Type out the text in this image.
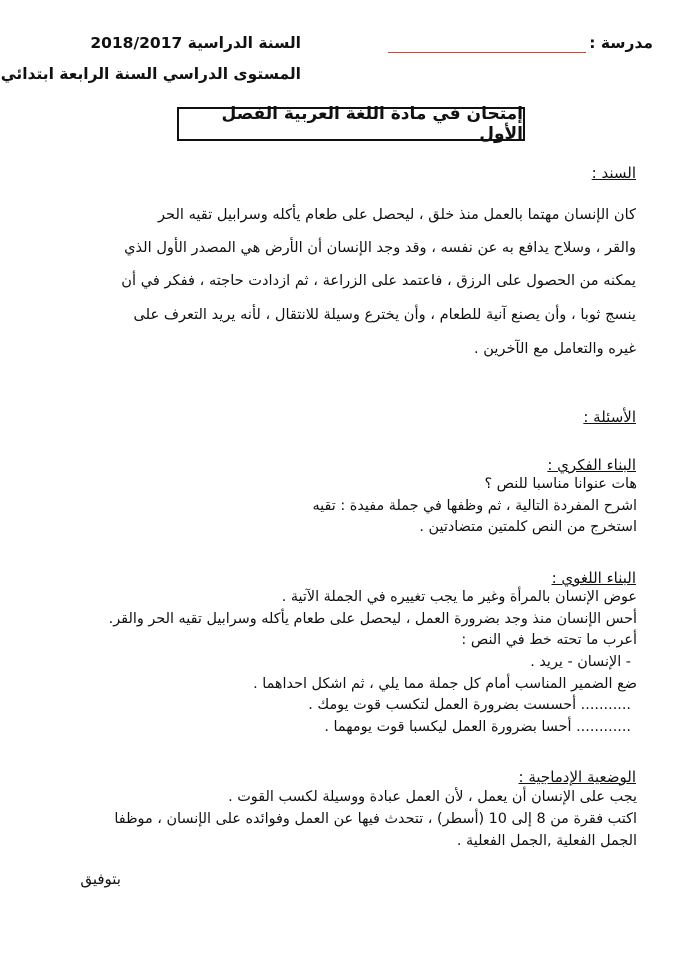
مدرسة :
السنة الدراسية 2018/2017
المستوى الدراسي السنة الرابعة ابتدائي
إمتحان في مادة اللغة العربية الفصل الأول
السند :
كان الإنسان مهتما بالعمل منذ خلق ، ليحصل على طعام يأكله وسرابيل تقيه الحر
والقر ، وسلاح يدافع به عن نفسه ، وقد وجد الإنسان أن الأرض هي المصدر الأول الذي
يمكنه من الحصول على الرزق ، فاعتمد على الزراعة ، ثم ازدادت حاجته ، ففكر في أن
ينسج ثوبا ، وأن يصنع آنية للطعام ، وأن يخترع وسيلة للانتقال ، لأنه يريد التعرف على
غيره والتعامل مع الآخرين .
الأسئلة :
البناء الفكري :
هات عنوانا مناسبا للنص ؟
اشرح المفردة التالية ، ثم وظفها في جملة مفيدة : تقيه
استخرج من النص كلمتين متضادتين .
البناء اللغوي :
عوض الإنسان بالمرأة وغير ما يجب تغييره في الجملة الآتية .
أحس الإنسان منذ وجد بضرورة العمل ، ليحصل على طعام يأكله وسرابيل تقيه الحر والقر.
أعرب ما تحته خط في النص :
- الإنسان - يريد .
ضع الضمير المناسب أمام كل جملة مما يلي ، ثم اشكل احداهما .
........... أحسست بضرورة العمل لتكسب قوت يومك .
............ أحسا بضرورة العمل ليكسبا قوت يومهما .
الوضعية الإدماجية :
يجب على الإنسان أن يعمل ، لأن العمل عبادة ووسيلة لكسب القوت .
اكتب فقرة من 8 إلى 10 (أسطر) ، تتحدث فيها عن العمل وفوائده على الإنسان ، موظفا
الجمل الفعلية ,الجمل الفعلية .
بتوفيق
